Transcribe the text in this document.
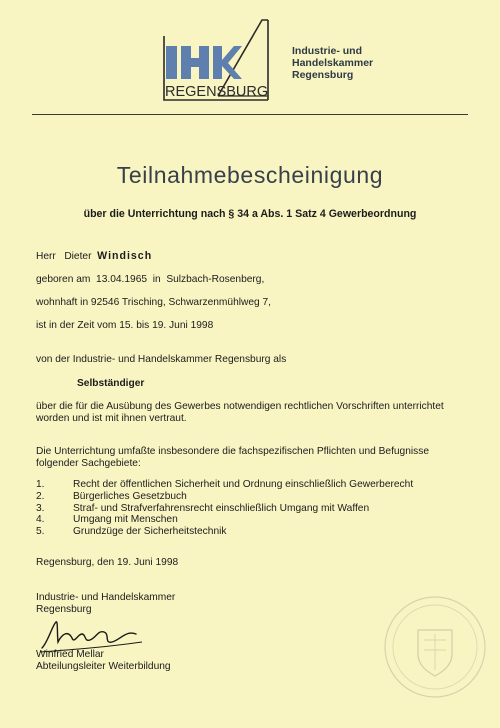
REGENSBURG
Industrie- und
Handelskammer
Regensburg
Teilnahmebescheinigung
über die Unterrichtung nach § 34 a Abs. 1 Satz 4 Gewerbeordnung
Herr Dieter Windisch
geboren am 13.04.1965 in Sulzbach-Rosenberg,
wohnhaft in 92546 Trisching, Schwarzenmühlweg 7,
ist in der Zeit vom 15. bis 19. Juni 1998
von der Industrie- und Handelskammer Regensburg als
Selbständiger
über die für die Ausübung des Gewerbes notwendigen rechtlichen Vorschriften unterrichtet
worden und ist mit ihnen vertraut.
Die Unterrichtung umfaßte insbesondere die fachspezifischen Pflichten und Befugnisse
folgender Sachgebiete:
1.	Recht der öffentlichen Sicherheit und Ordnung einschließlich Gewerberecht
2.	Bürgerliches Gesetzbuch
3.	Straf- und Strafverfahrensrecht einschließlich Umgang mit Waffen
4.	Umgang mit Menschen
5.	Grundzüge der Sicherheitstechnik
Regensburg, den 19. Juni 1998
Industrie- und Handelskammer
Regensburg
Winfried Mellar
Abteilungsleiter Weiterbildung
